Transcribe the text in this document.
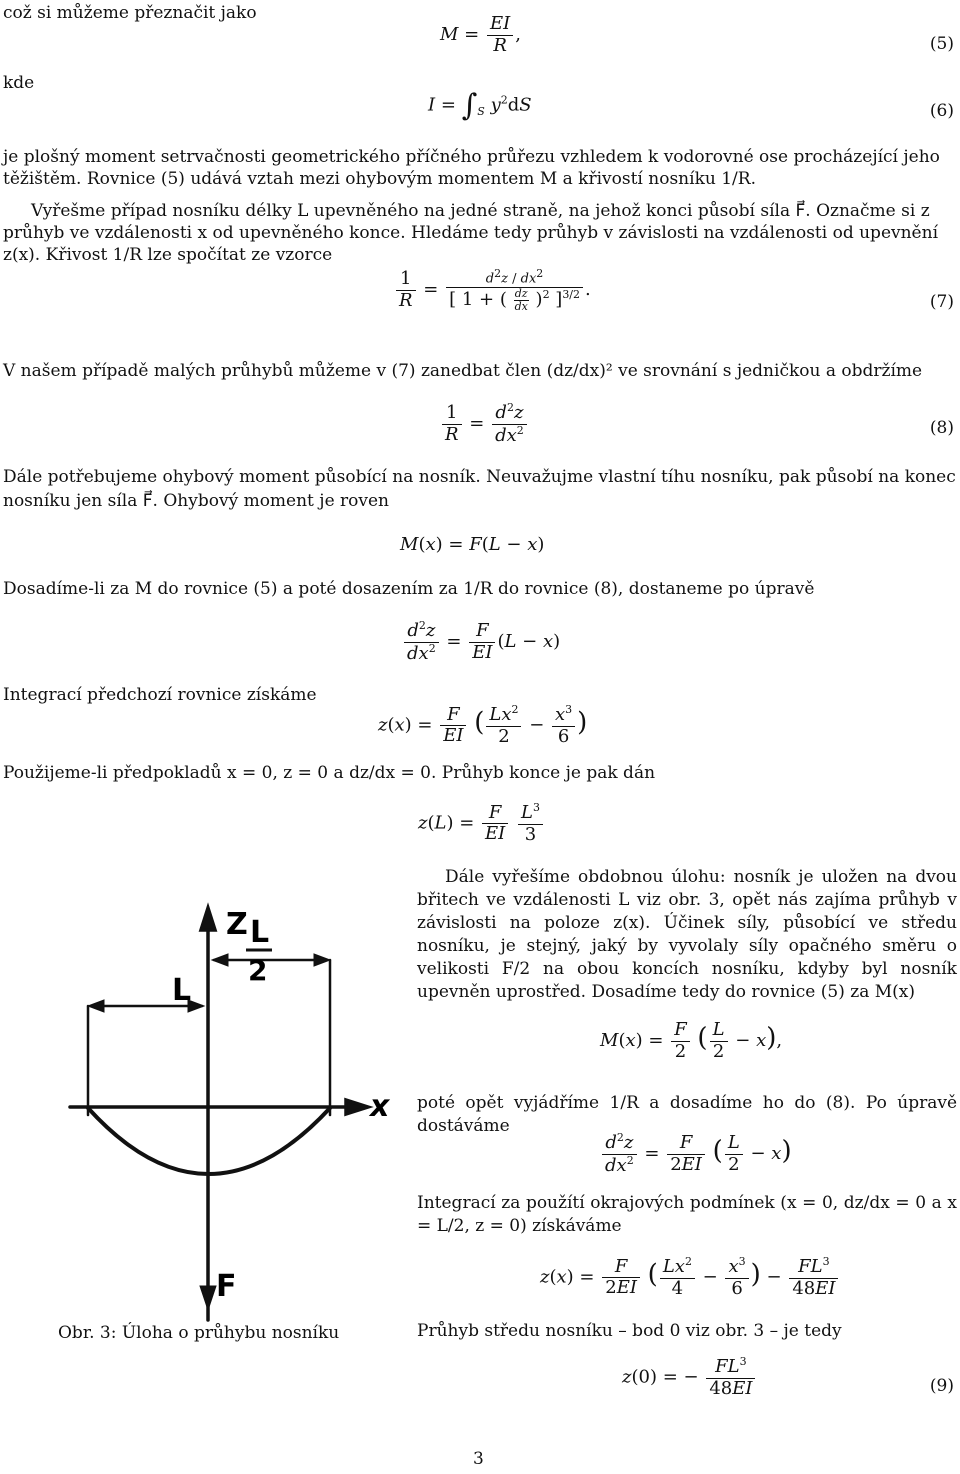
což si můžeme přeznačit jako
$M = \frac{EI}{R}$ ,	(5)
kde
$I = \int_S$ $y^2dS$	(6)
je plošný moment setrvačnosti geometrického příčného průřezu vzhledem k vodorovné ose procházející jeho
těžištěm. Rovnice (5) udává vztah mezi ohybovým momentem M a křivostí nosníku 1/R.
Vyřešme případ nosníku délky L upevněného na jedné straně, na jehož konci působí síla F⃗. Označme si z
průhyb ve vzdálenosti x od upevněného konce. Hledáme tedy průhyb v závislosti na vzdálenosti od upevnění
z(x). Křivost 1/R lze spočítat ze vzorce
$\frac{1}{R} = \frac{d^2z / dx^2}{[ 1 + ( \frac{dz}{dx} )^2 ]^{3/2}}$ .
(7)
V našem případě malých průhybů můžeme v (7) zanedbat člen (dz/dx)² ve srovnání s jedničkou a obdržíme
$\frac{1}{R} = \frac{d^2z}{dx^2}$	(8)
Dále potřebujeme ohybový moment působící na nosník. Neuvažujme vlastní tíhu nosníku, pak působí na konec
nosníku jen síla F⃗. Ohybový moment je roven
M(x) = F(L − x)
Dosadíme-li za M do rovnice (5) a poté dosazením za 1/R do rovnice (8), dostaneme po úpravě
$\frac{d^2z}{dx^2} = \frac{F}{EI} (L - x)$
Integrací předchozí rovnice získáme
$z(x) = \frac{F}{EI}$ ( $\frac{Lx^2}{2} - \frac{x^3}{6}$ )
Použijeme-li předpokladů x = 0, z = 0 a dz/dx = 0. Průhyb konce je pak dán
$z(L) = \frac{F}{EI}$
$\frac{L^3}{3}$
Z L
2
L
x
F
Obr. 3: Úloha o průhybu nosníku
Dále vyřešíme obdobnou úlohu: nosník je uložen na dvou břitech ve vzdálenosti L viz obr. 3, opět nás zajíma průhyb v závislosti na poloze z(x). Účinek síly, působící ve středu nosníku, je stejný, jaký by vyvolaly síly opačného směru o velikosti F/2 na obou koncích nosníku, kdyby byl nosník upevněn uprostřed. Dosadíme tedy do rovnice (5) za M(x)
$M(x) = \frac{F}{2}$ ( $\frac{L}{2} - x$),
poté opět vyjádříme 1/R a dosadíme ho do (8). Po úpravě dostáváme
$\frac{d^2z}{dx^2} = \frac{F}{2EI}$ ( $\frac{L}{2} - x$)
Integrací za použítí okrajových podmínek (x = 0, dz/dx = 0 a x = L/2, z = 0) získáváme
$z(x) = \frac{F}{2EI}$ ( $\frac{Lx^2}{4} - \frac{x^3}{6}$ ) − $\frac{FL^3}{48EI}$
Průhyb středu nosníku – bod 0 viz obr. 3 – je tedy
z(0) = − $\frac{FL^3}{48EI}$	(9)
3
